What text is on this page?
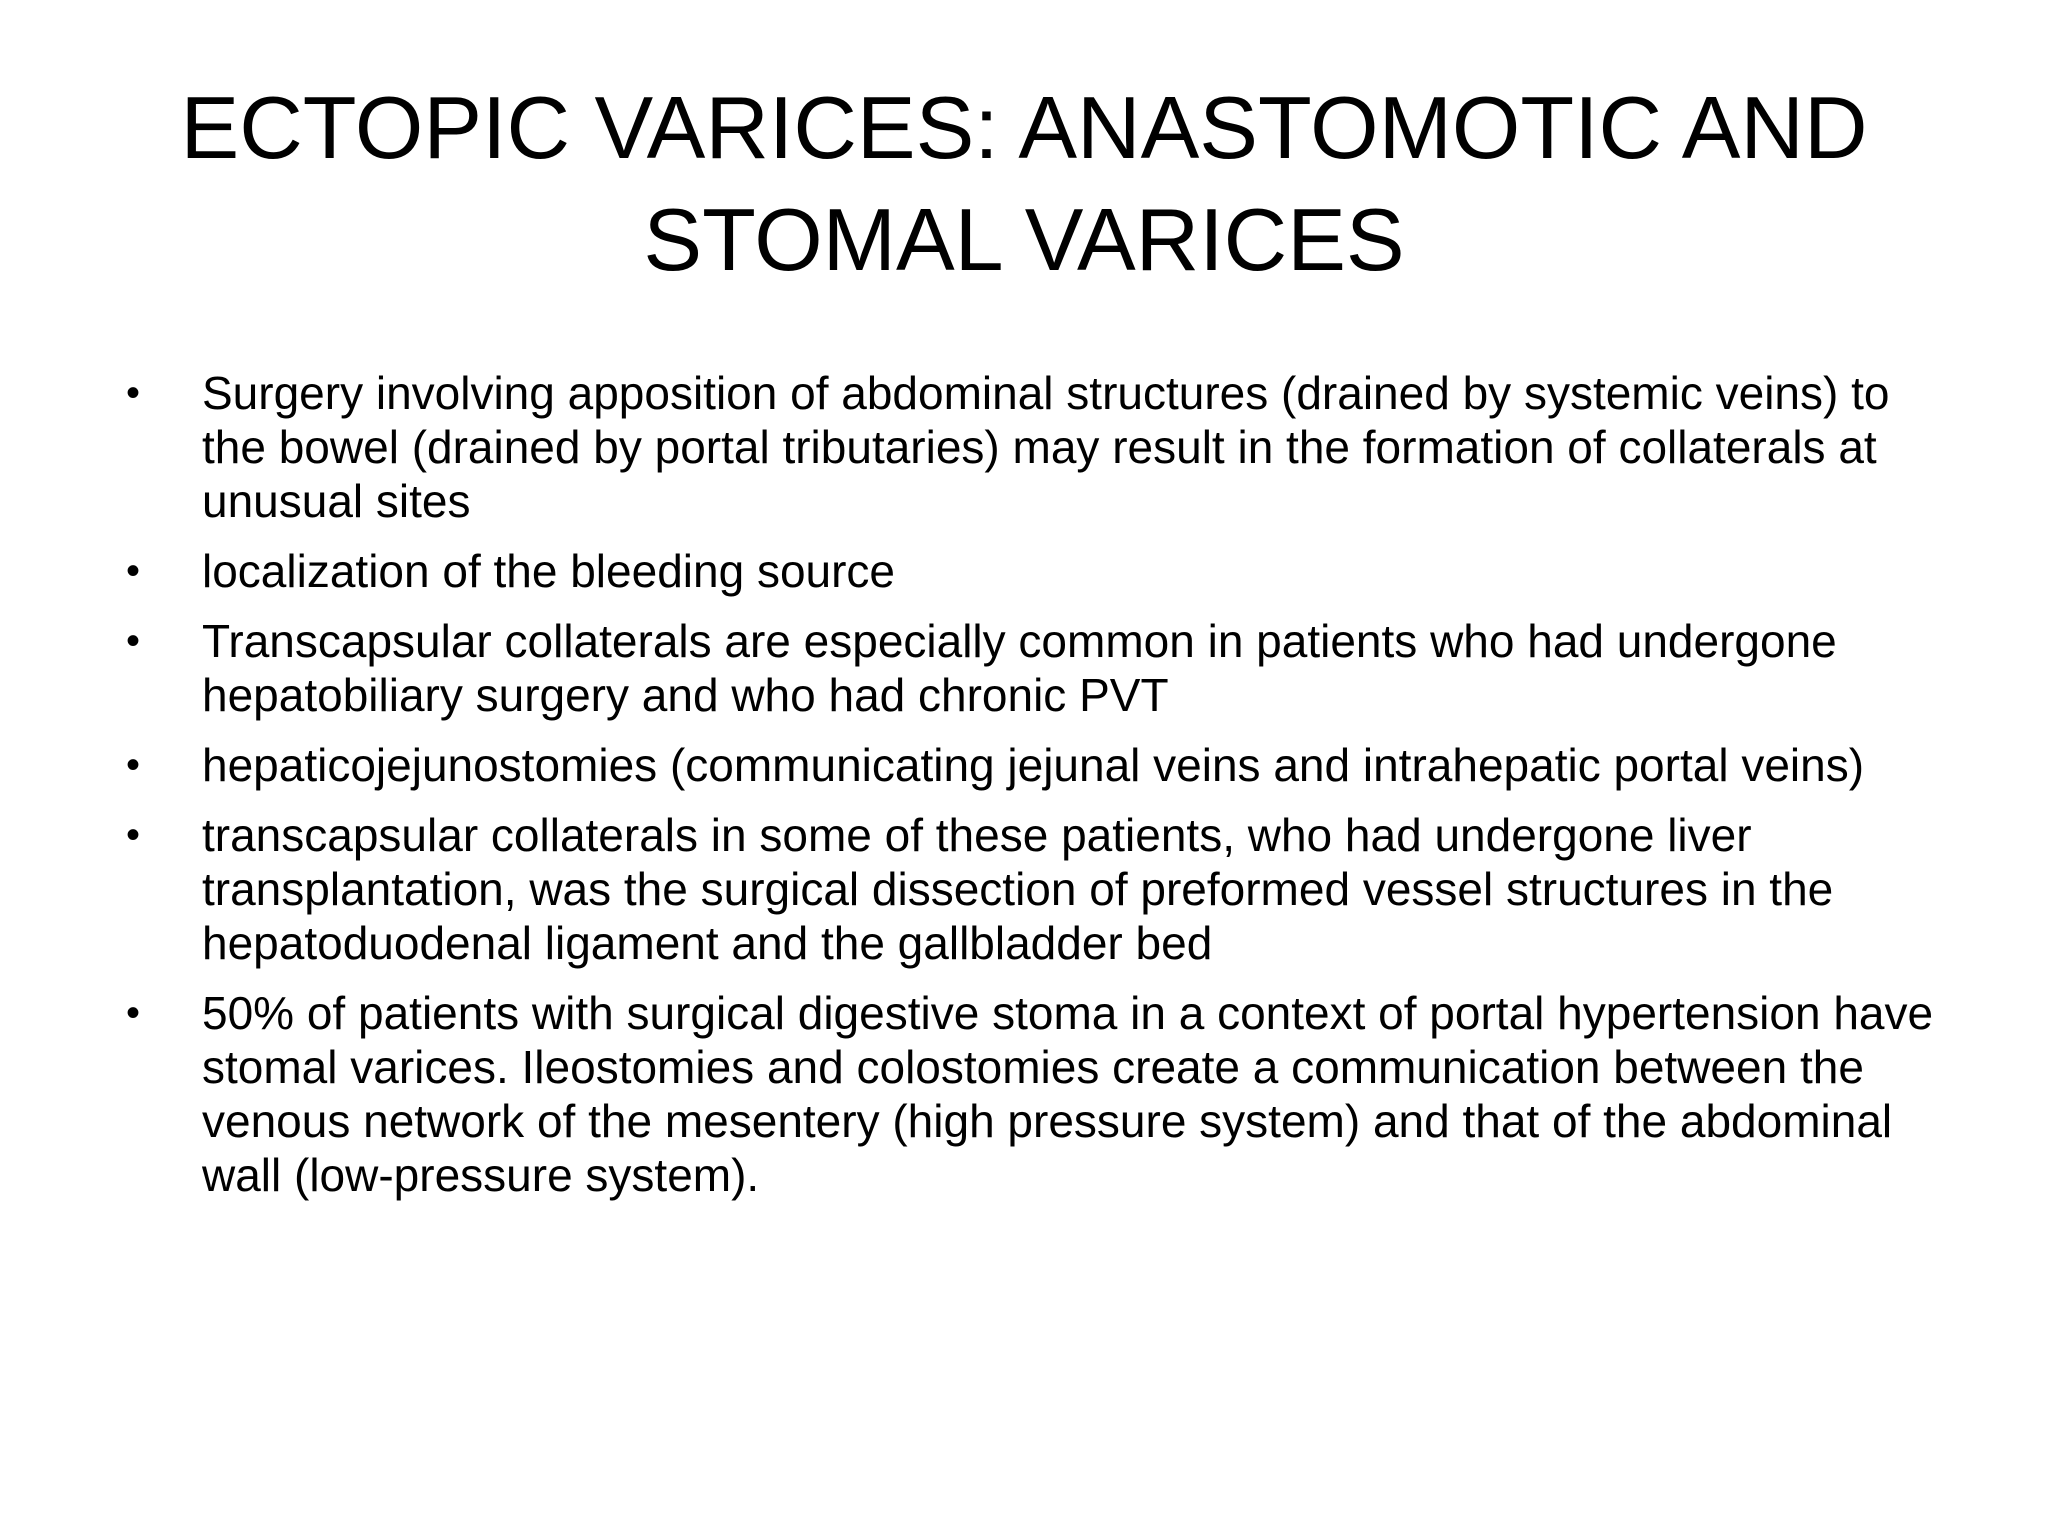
ECTOPIC VARICES: ANASTOMOTIC AND
STOMAL VARICES
•	Surgery involving apposition of abdominal structures (drained by systemic veins) to the bowel (drained by portal tributaries) may result in the formation of collaterals at unusual sites
•	localization of the bleeding source
•	Transcapsular collaterals are especially common in patients who had undergone hepatobiliary surgery and who had chronic PVT
•	hepaticojejunostomies (communicating jejunal veins and intrahepatic portal veins)
•	transcapsular collaterals in some of these patients, who had undergone liver transplantation, was the surgical dissection of preformed vessel structures in the hepatoduodenal ligament and the gallbladder bed
•	50% of patients with surgical digestive stoma in a context of portal hypertension have stomal varices. Ileostomies and colostomies create a communication between the venous network of the mesentery (high pressure system) and that of the abdominal wall (low-pressure system).
